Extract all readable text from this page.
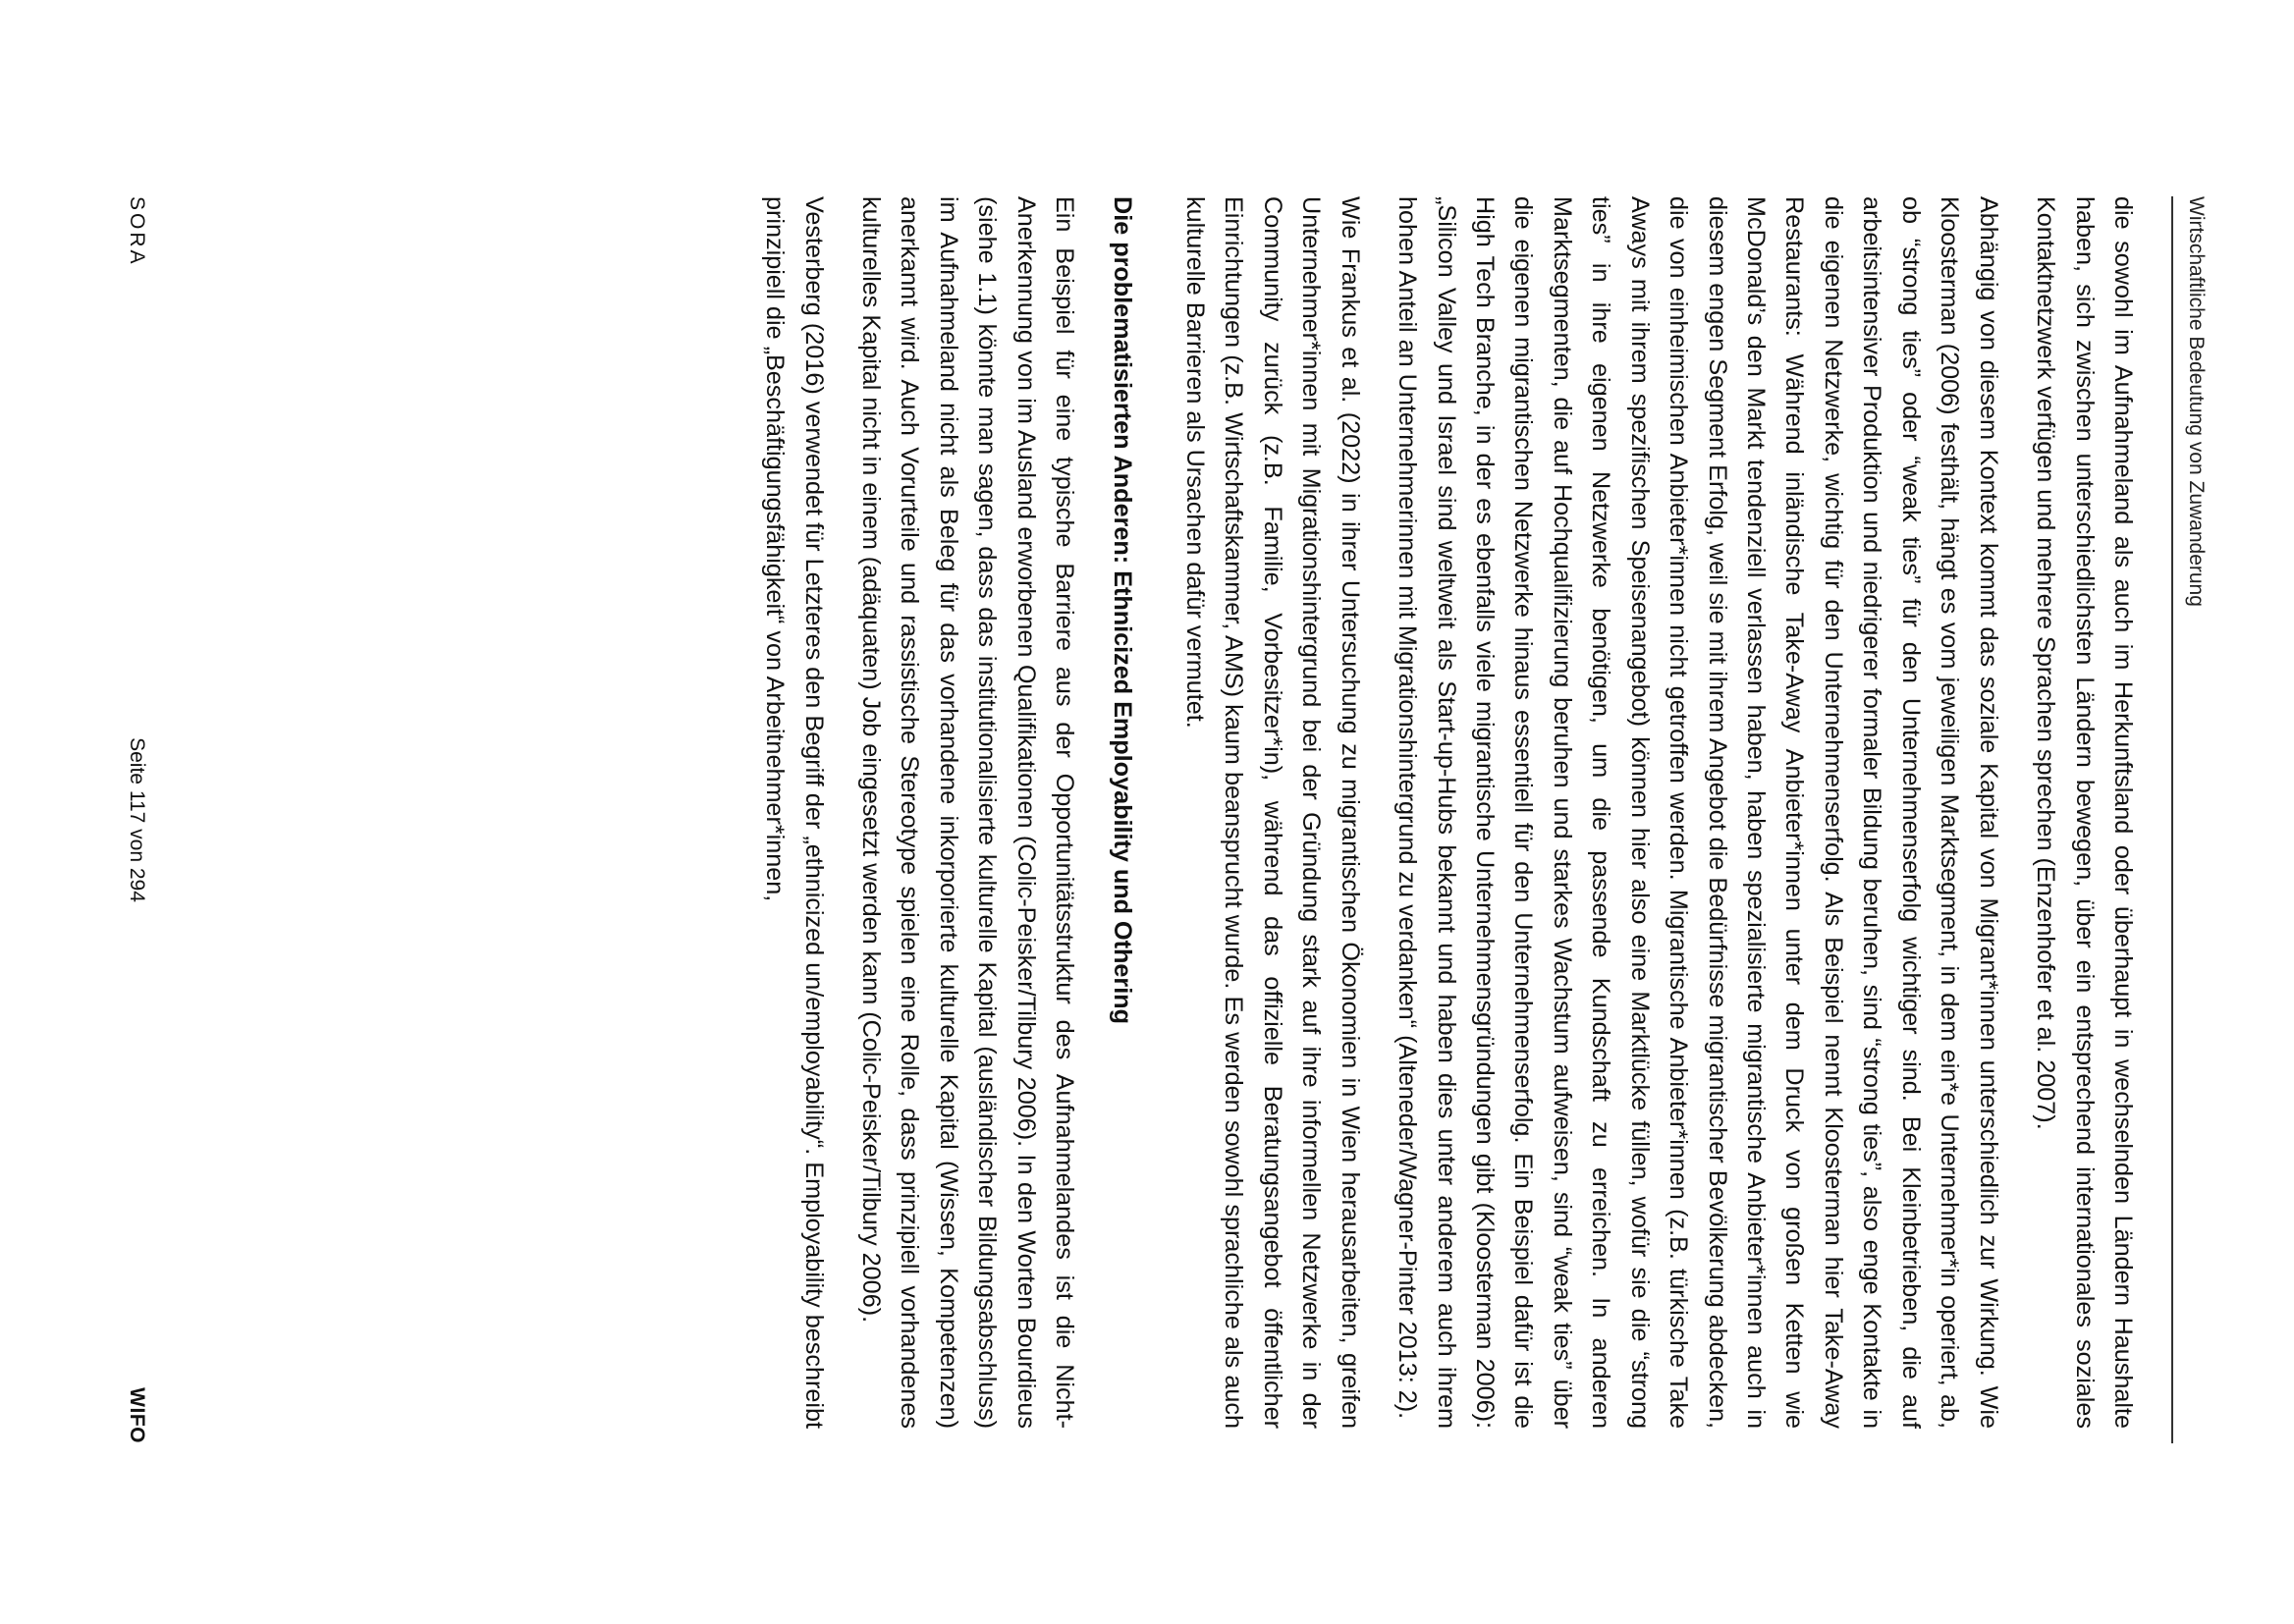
Wirtschaftliche Bedeutung von Zuwanderung

die sowohl im Aufnahmeland als auch im Herkunftsland oder überhaupt in wechselnden Ländern Haushalte haben, sich zwischen unterschiedlichsten Ländern bewegen, über ein entsprechend internationales soziales Kontaktnetzwerk verfügen und mehrere Sprachen sprechen (Enzenhofer et al. 2007).

Abhängig von diesem Kontext kommt das soziale Kapital von Migrant*innen unterschiedlich zur Wirkung. Wie Kloosterman (2006) festhält, hängt es vom jeweiligen Marktsegment, in dem ein*e Unternehmer*in operiert, ab, ob “strong ties” oder “weak ties” für den Unternehmenserfolg wichtiger sind. Bei Kleinbetrieben, die auf arbeitsintensiver Produktion und niedrigerer formaler Bildung beruhen, sind “strong ties”, also enge Kontakte in die eigenen Netzwerke, wichtig für den Unternehmenserfolg. Als Beispiel nennt Kloosterman hier Take-Away Restaurants: Während inländische Take-Away Anbieter*innen unter dem Druck von großen Ketten wie McDonald’s den Markt tendenziell verlassen haben, haben spezialisierte migrantische Anbieter*innen auch in diesem engen Segment Erfolg, weil sie mit ihrem Angebot die Bedürfnisse migrantischer Bevölkerung abdecken, die von einheimischen Anbieter*innen nicht getroffen werden. Migrantische Anbieter*innen (z.B. türkische Take Aways mit ihrem spezifischen Speisenangebot) können hier also eine Marktlücke füllen, wofür sie die “strong ties” in ihre eigenen Netzwerke benötigen, um die passende Kundschaft zu erreichen. In anderen Marktsegmenten, die auf Hochqualifizierung beruhen und starkes Wachstum aufweisen, sind “weak ties” über die eigenen migrantischen Netzwerke hinaus essentiell für den Unternehmenserfolg. Ein Beispiel dafür ist die High Tech Branche, in der es ebenfalls viele migrantische Unternehmensgründungen gibt (Kloosterman 2006): „Silicon Valley und Israel sind weltweit als Start-up-Hubs bekannt und haben dies unter anderem auch ihrem hohen Anteil an Unternehmerinnen mit Migrationshintergrund zu verdanken“ (Alteneder/Wagner-Pinter 2013: 2).

Wie Frankus et al. (2022) in ihrer Untersuchung zu migrantischen Ökonomien in Wien herausarbeiten, greifen Unternehmer*innen mit Migrationshintergrund bei der Gründung stark auf ihre informellen Netzwerke in der Community zurück (z.B. Familie, Vorbesitzer*in), während das offizielle Beratungsangebot öffentlicher Einrichtungen (z.B. Wirtschaftskammer, AMS) kaum beansprucht wurde. Es werden sowohl sprachliche als auch kulturelle Barrieren als Ursachen dafür vermutet.

Die problematisierten Anderen: Ethnicized Employability und Othering

Ein Beispiel für eine typische Barriere aus der Opportunitätsstruktur des Aufnahmelandes ist die Nicht-Anerkennung von im Ausland erworbenen Qualifikationen (Colic-Peisker/Tilbury 2006). In den Worten Bourdieus (siehe 1.1) könnte man sagen, dass das institutionalisierte kulturelle Kapital (ausländischer Bildungsabschluss) im Aufnahmeland nicht als Beleg für das vorhandene inkorporierte kulturelle Kapital (Wissen, Kompetenzen) anerkannt wird. Auch Vorurteile und rassistische Stereotype spielen eine Rolle, dass prinzipiell vorhandenes kulturelles Kapital nicht in einem (adäquaten) Job eingesetzt werden kann (Colic-Peisker/Tilbury 2006).

Vesterberg (2016) verwendet für Letzteres den Begriff der „ethnicized un/employability“. Employability beschreibt prinzipiell die „Beschäftigungsfähigkeit“ von Arbeitnehmer*innen,

SORA
Seite 117 von 294
WIFO
